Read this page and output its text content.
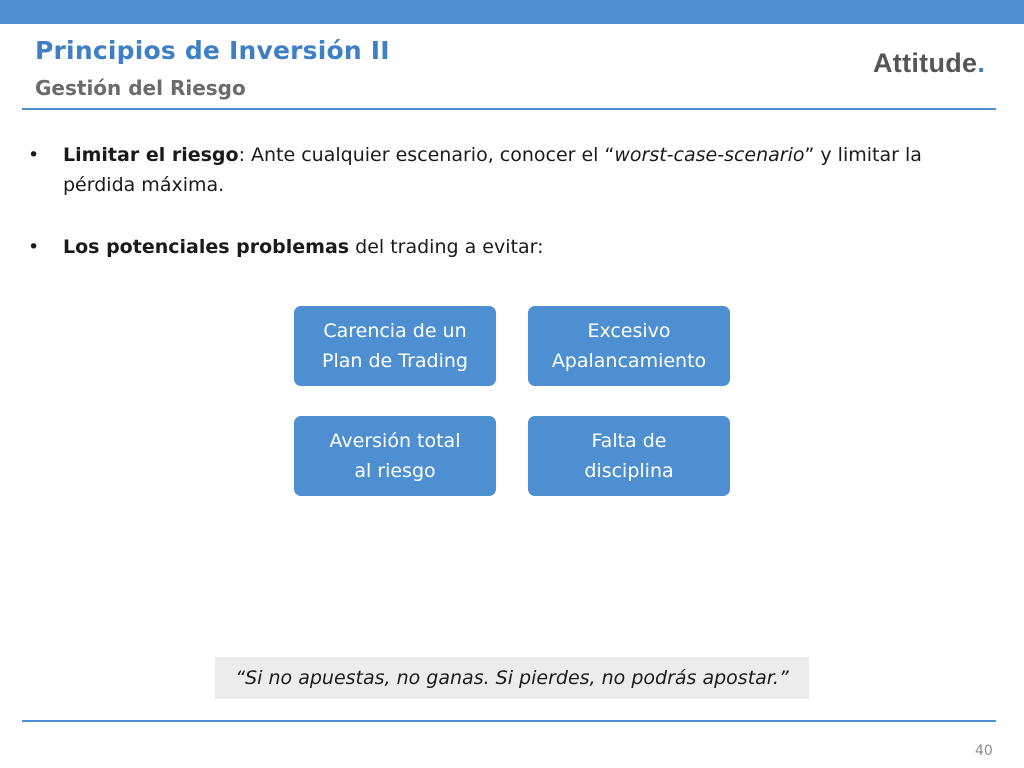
Principios de Inversión II
Gestión del Riesgo
Attitude.
• Limitar el riesgo: Ante cualquier escenario, conocer el “worst-case-scenario” y limitar la pérdida máxima.
• Los potenciales problemas del trading a evitar:
Carencia de un
Plan de Trading
Excesivo
Apalancamiento
Aversión total
al riesgo
Falta de
disciplina
“Si no apuestas, no ganas. Si pierdes, no podrás apostar.”
40
